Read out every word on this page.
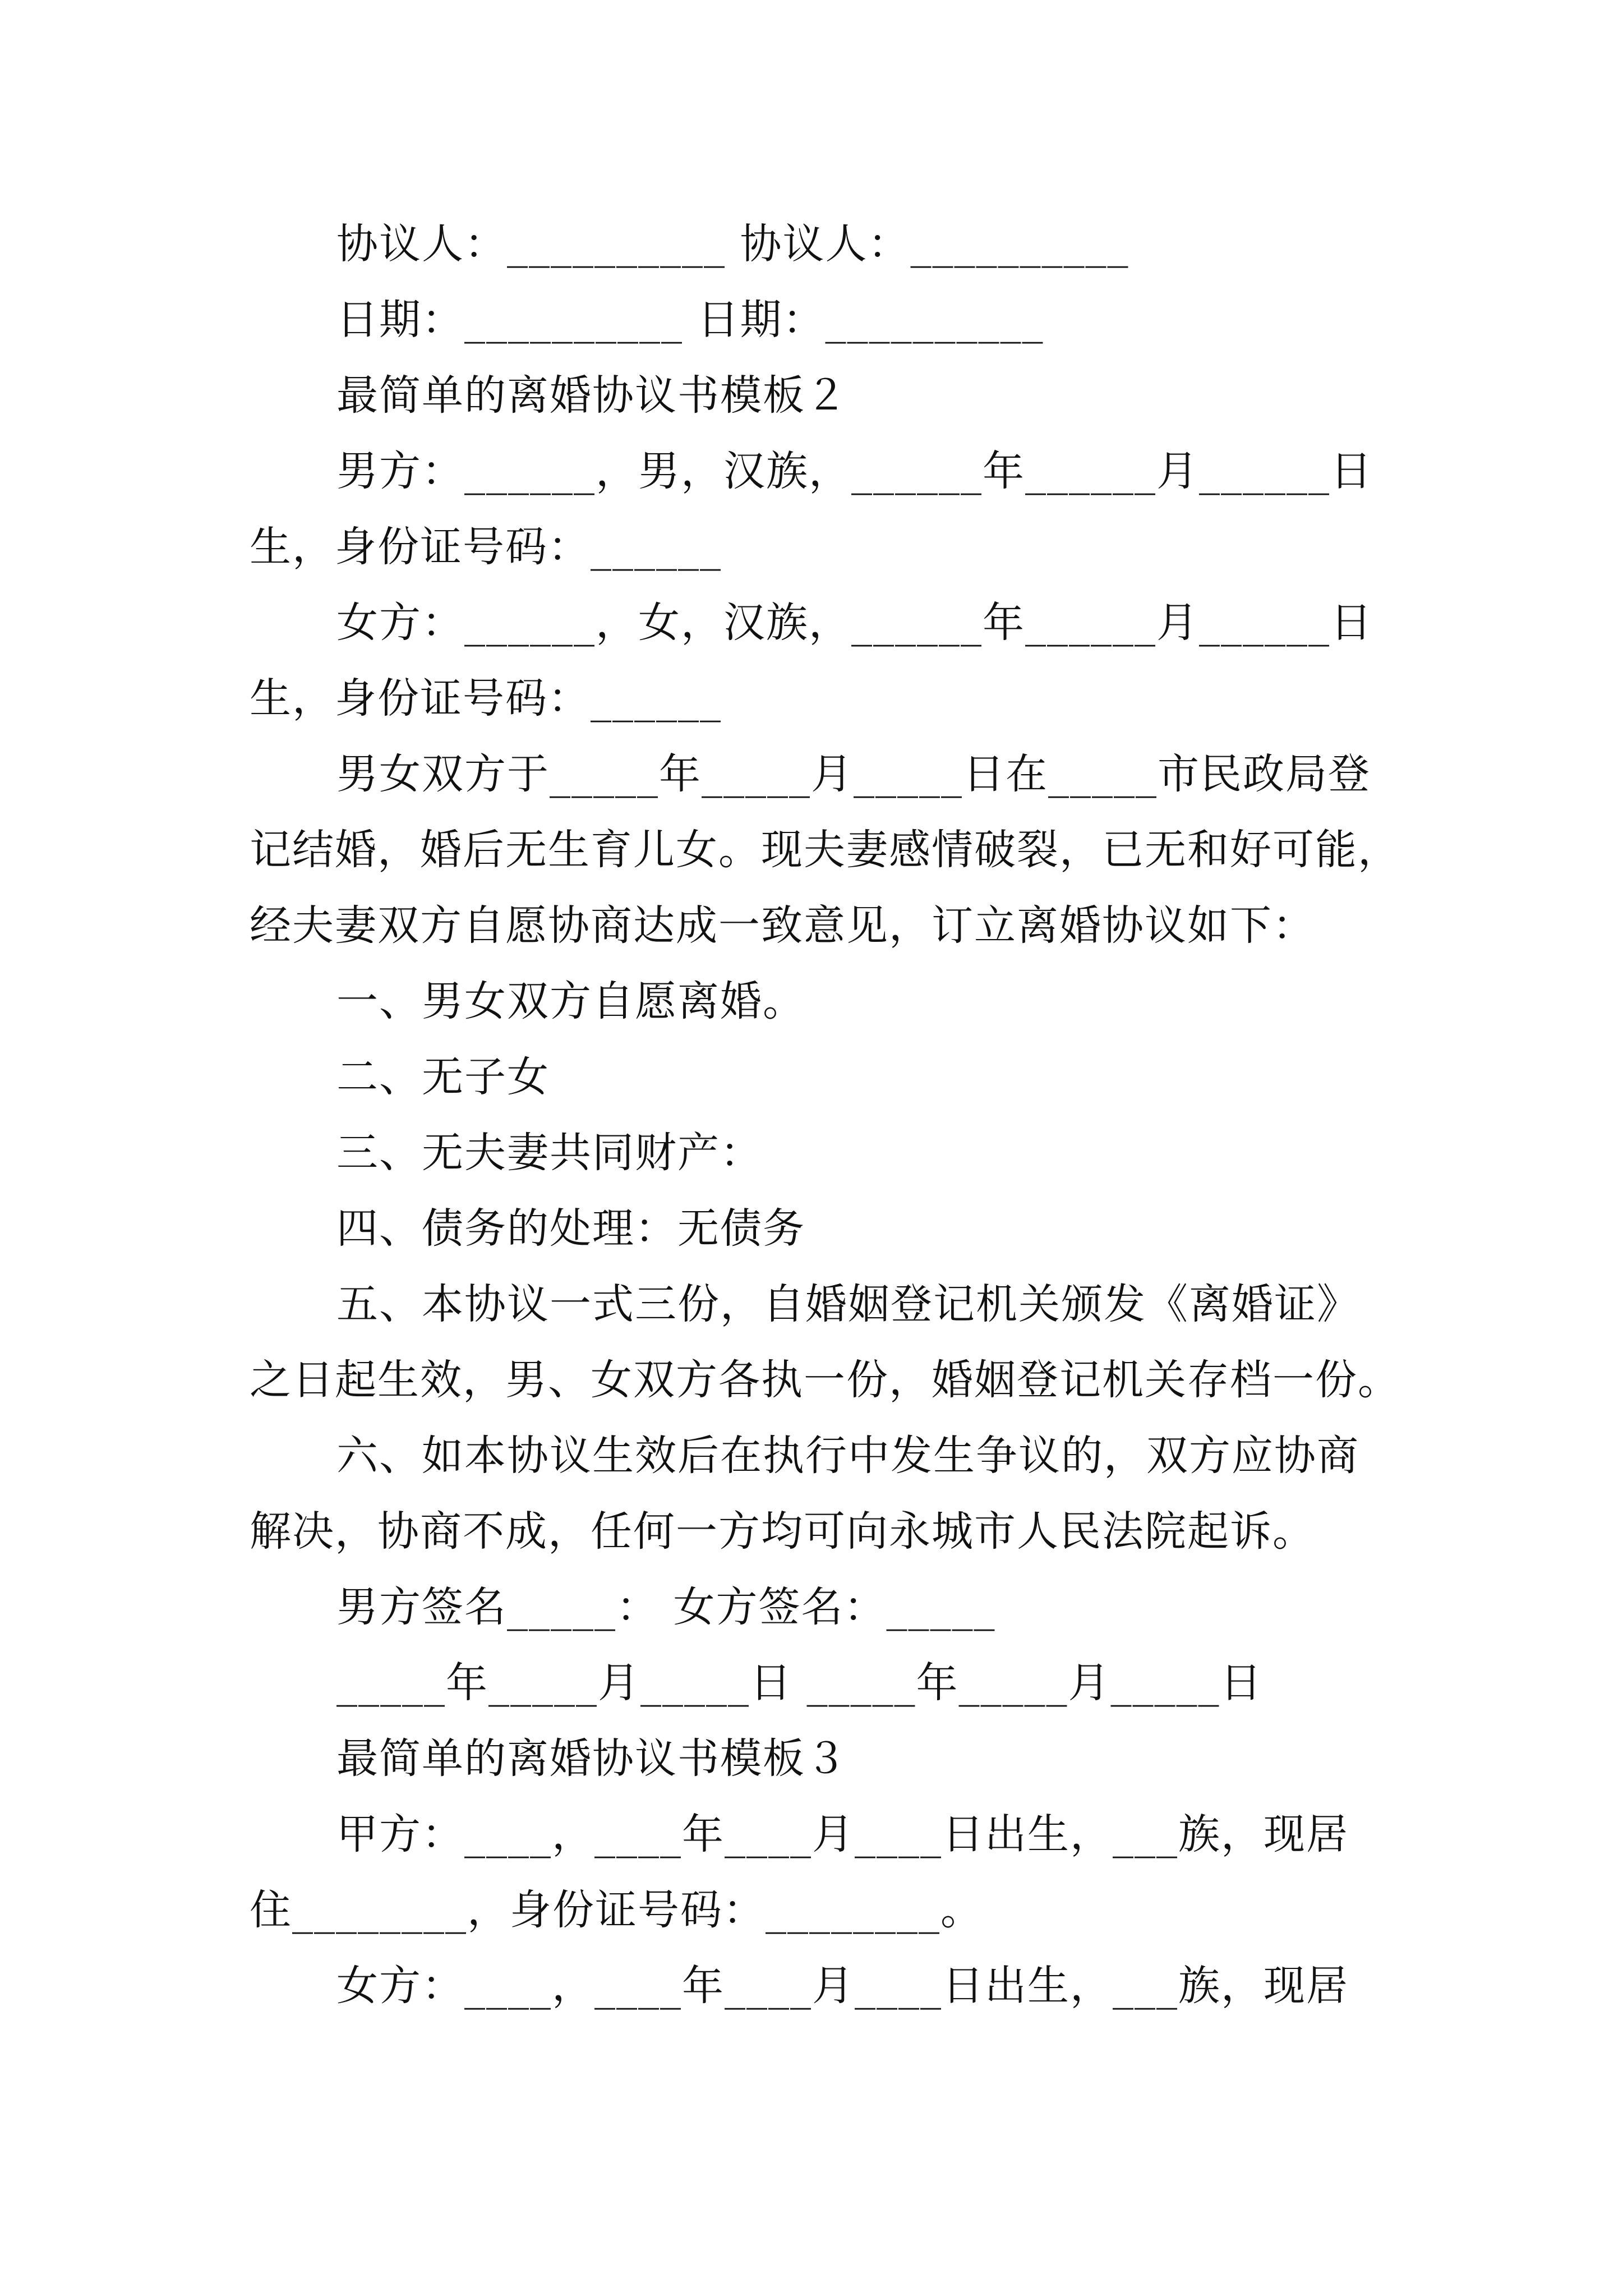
协议人：__________ 协议人：__________
日期：__________ 日期：__________
最简单的离婚协议书模板２
男方：______，男，汉族，______年______月______日
生，身份证号码：______
女方：______，女，汉族，______年______月______日
生，身份证号码：______
男女双方于_____年_____月_____日在_____市民政局登
记结婚，婚后无生育儿女。现夫妻感情破裂，已无和好可能，
经夫妻双方自愿协商达成一致意见，订立离婚协议如下：
一、男女双方自愿离婚。
二、无子女
三、无夫妻共同财产：
四、债务的处理：无债务
五、本协议一式三份，自婚姻登记机关颁发《离婚证》
之日起生效，男、女双方各执一份，婚姻登记机关存档一份。
六、如本协议生效后在执行中发生争议的，双方应协商
解决，协商不成，任何一方均可向永城市人民法院起诉。
男方签名_____： 女方签名：_____
_____年_____月_____日 _____年_____月_____日
最简单的离婚协议书模板３
甲方：____，____年____月____日出生，___族，现居
住________，身份证号码：________。
女方：____，____年____月____日出生，___族，现居
